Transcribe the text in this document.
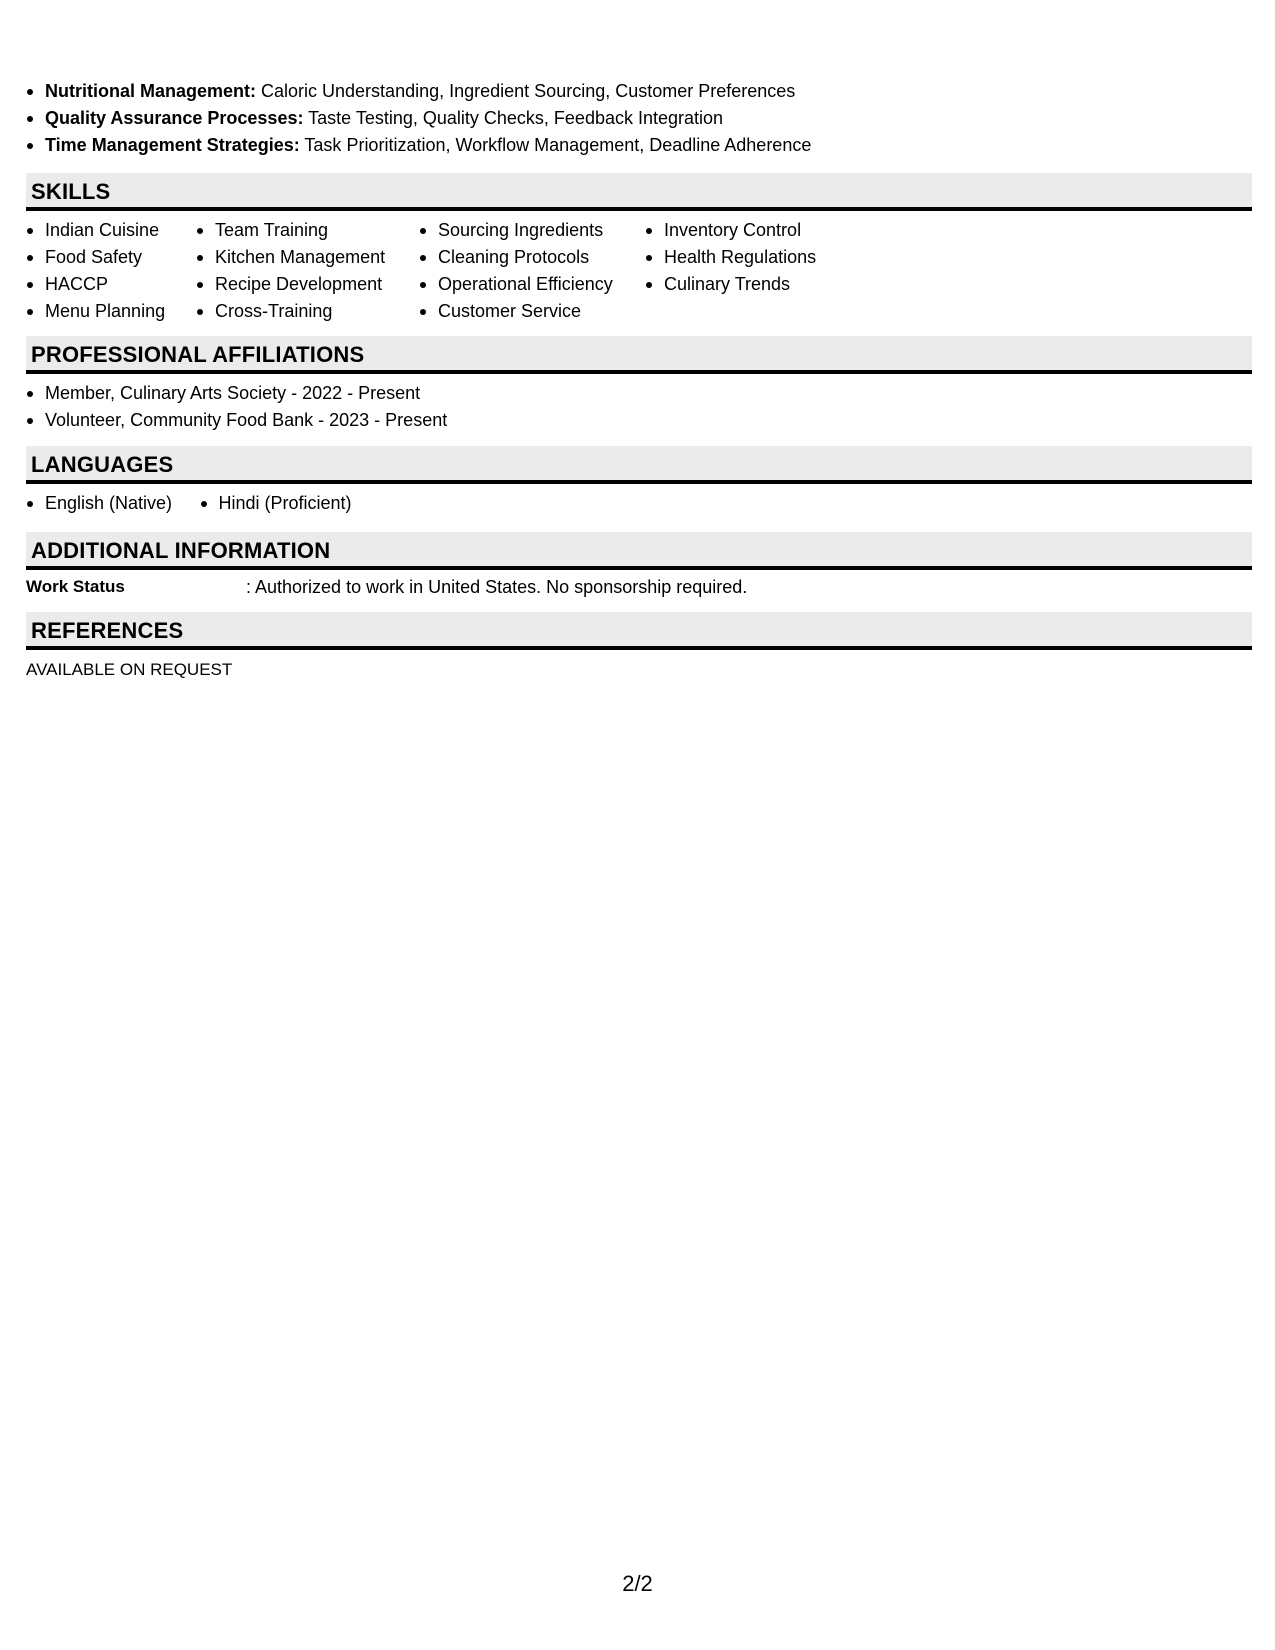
Nutritional Management: Caloric Understanding, Ingredient Sourcing, Customer Preferences
Quality Assurance Processes: Taste Testing, Quality Checks, Feedback Integration
Time Management Strategies: Task Prioritization, Workflow Management, Deadline Adherence
SKILLS
Indian Cuisine
Food Safety
HACCP
Menu Planning
Team Training
Kitchen Management
Recipe Development
Cross-Training
Sourcing Ingredients
Cleaning Protocols
Operational Efficiency
Customer Service
Inventory Control
Health Regulations
Culinary Trends
PROFESSIONAL AFFILIATIONS
Member, Culinary Arts Society - 2022 - Present
Volunteer, Community Food Bank - 2023 - Present
LANGUAGES
English (Native)	Hindi (Proficient)
ADDITIONAL INFORMATION
Work Status	: Authorized to work in United States. No sponsorship required.
REFERENCES
AVAILABLE ON REQUEST
2/2
